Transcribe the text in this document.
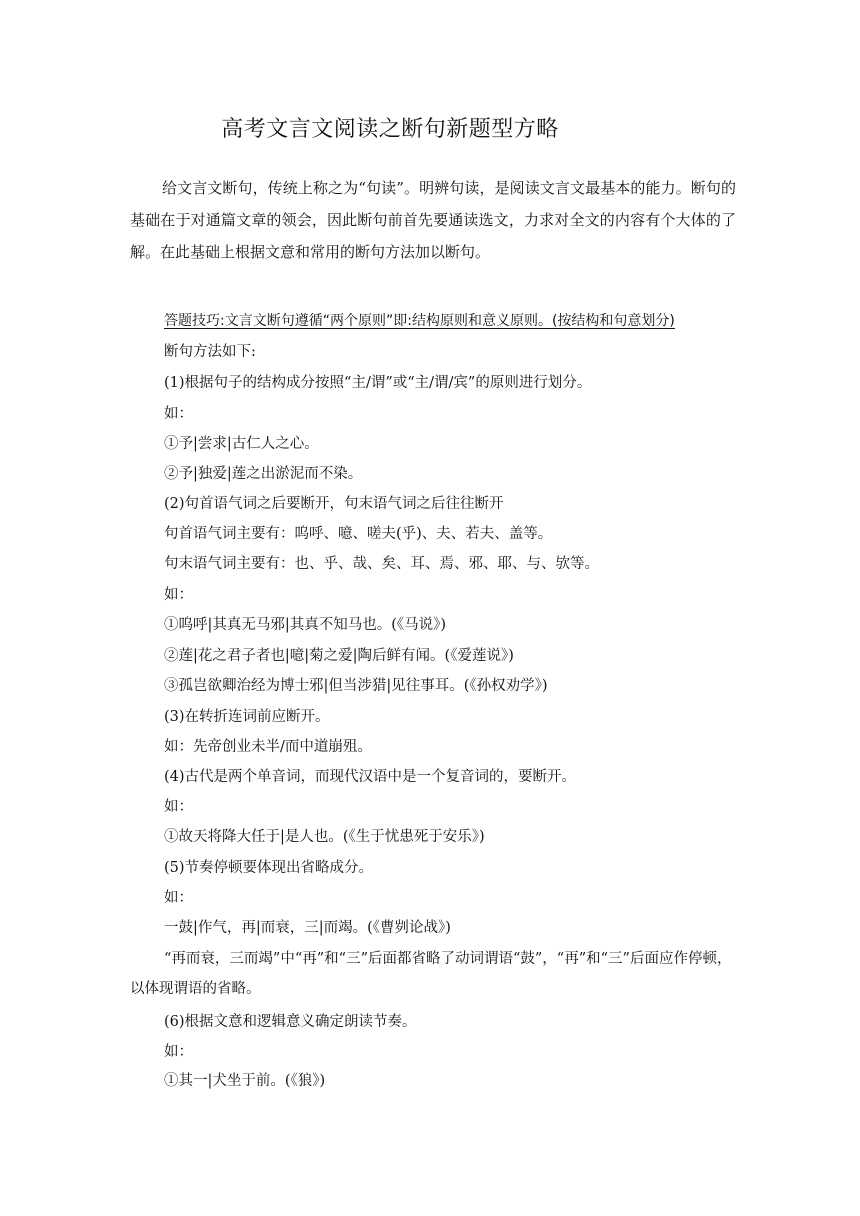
高考文言文阅读之断句新题型方略

给文言文断句，传统上称之为“句读”。明辨句读，是阅读文言文最基本的能力。断句的基础在于对通篇文章的领会，因此断句前首先要通读选文，力求对全文的内容有个大体的了解。在此基础上根据文意和常用的断句方法加以断句。

答题技巧:文言文断句遵循“两个原则”即:结构原则和意义原则。(按结构和句意划分)

断句方法如下:

(1)根据句子的结构成分按照“主/谓”或“主/谓/宾”的原则进行划分。

如：

①予|尝求|古仁人之心。

②予|独爱|莲之出淤泥而不染。

(2)句首语气词之后要断开，句末语气词之后往往断开

句首语气词主要有：呜呼、噫、嗟夫(乎)、夫、若夫、盖等。

句末语气词主要有：也、乎、哉、矣、耳、焉、邪、耶、与、欤等。

如：

①呜呼|其真无马邪|其真不知马也。(《马说》)

②莲|花之君子者也|噫|菊之爱|陶后鲜有闻。(《爱莲说》)

③孤岂欲卿治经为博士邪|但当涉猎|见往事耳。(《孙权劝学》)

(3)在转折连词前应断开。

如：先帝创业未半/而中道崩殂。

(4)古代是两个单音词，而现代汉语中是一个复音词的，要断开。

如：

①故天将降大任于|是人也。(《生于忧患死于安乐》)

(5)节奏停顿要体现出省略成分。

如：

一鼓|作气，再|而衰，三|而竭。(《曹刿论战》)

“再而衰，三而竭”中“再”和“三”后面都省略了动词谓语“鼓”，“再”和“三”后面应作停顿，以体现谓语的省略。

(6)根据文意和逻辑意义确定朗读节奏。

如：

①其一|犬坐于前。(《狼》)
